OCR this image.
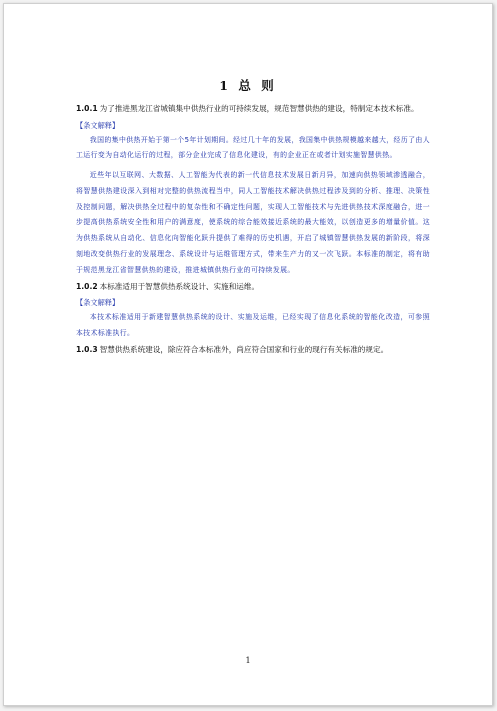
1 总 则

1.0.1 为了推进黑龙江省城镇集中供热行业的可持续发展，规范智慧供热的建设，特制定本技术标准。

【条文解释】

我国的集中供热开始于第一个5年计划期间。经过几十年的发展，我国集中供热规模越来越大，经历了由人工运行变为自动化运行的过程，部分企业完成了信息化建设，有的企业正在或者计划实施智慧供热。

近些年以互联网、大数据、人工智能为代表的新一代信息技术发展日新月异，加速向供热领域渗透融合，将智慧供热建设深入到相对完整的供热流程当中，同人工智能技术解决供热过程涉及到的分析、推理、决策性及控制问题，解决供热全过程中的复杂性和不确定性问题，实现人工智能技术与先进供热技术深度融合，进一步提高供热系统安全性和用户的满意度，使系统的综合能效接近系统的最大能效，以创造更多的增量价值。这为供热系统从自动化、信息化向智能化跃升提供了难得的历史机遇，开启了城镇智慧供热发展的新阶段，将深刻地改变供热行业的发展理念、系统设计与运维管理方式，带来生产力的又一次飞跃。本标准的制定，将有助于规范黑龙江省智慧供热的建设，推进城镇供热行业的可持续发展。

1.0.2 本标准适用于智慧供热系统设计、实施和运维。

【条文解释】

本技术标准适用于新建智慧供热系统的设计、实施及运维，已经实现了信息化系统的智能化改造，可参照本技术标准执行。

1.0.3 智慧供热系统建设，除应符合本标准外，尚应符合国家和行业的现行有关标准的规定。

1
